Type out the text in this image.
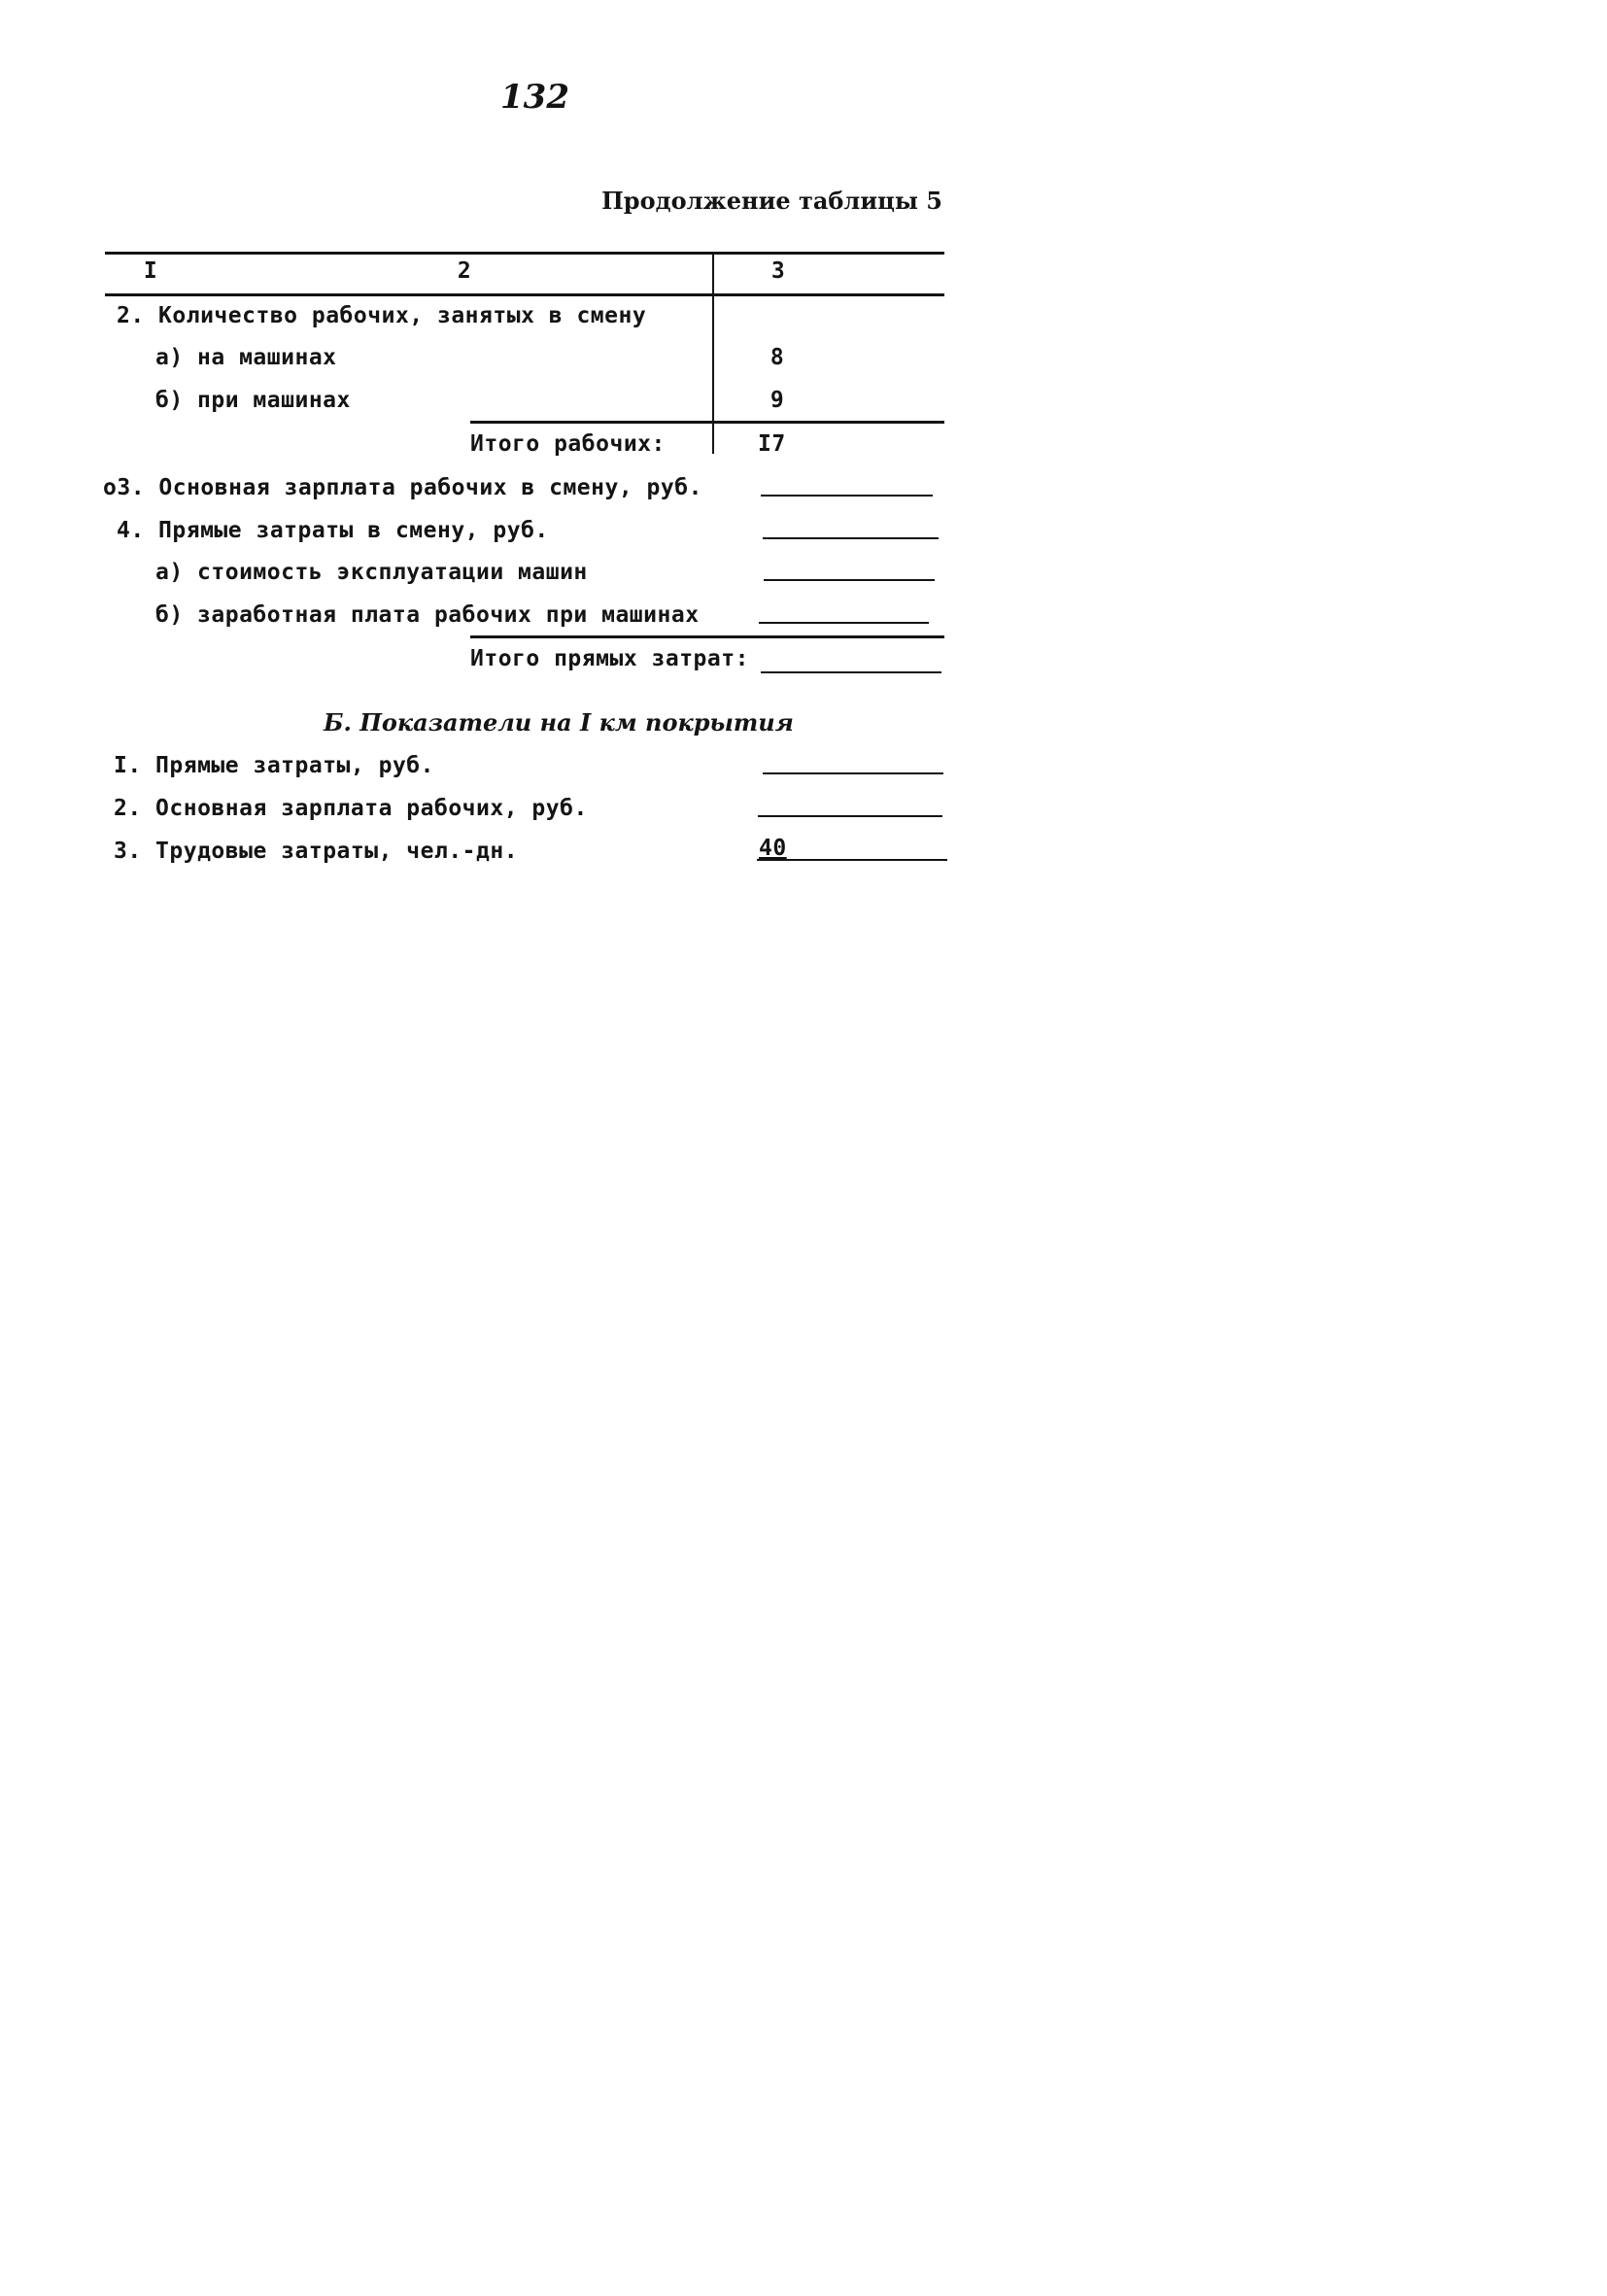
132
Продолжение таблицы 5
I	2	3
2. Количество рабочих, занятых в смену
а) на машинах	8
б) при машинах	9
Итого рабочих:	I7
о3. Основная зарплата рабочих в смену, руб.
4. Прямые затраты в смену, руб.
а) стоимость эксплуатации машин
б) заработная плата рабочих при машинах
Итого прямых затрат:
Б. Показатели на I км покрытия
I. Прямые затраты, руб.
2. Основная зарплата рабочих, руб.
3. Трудовые затраты, чел.-дн.	40
